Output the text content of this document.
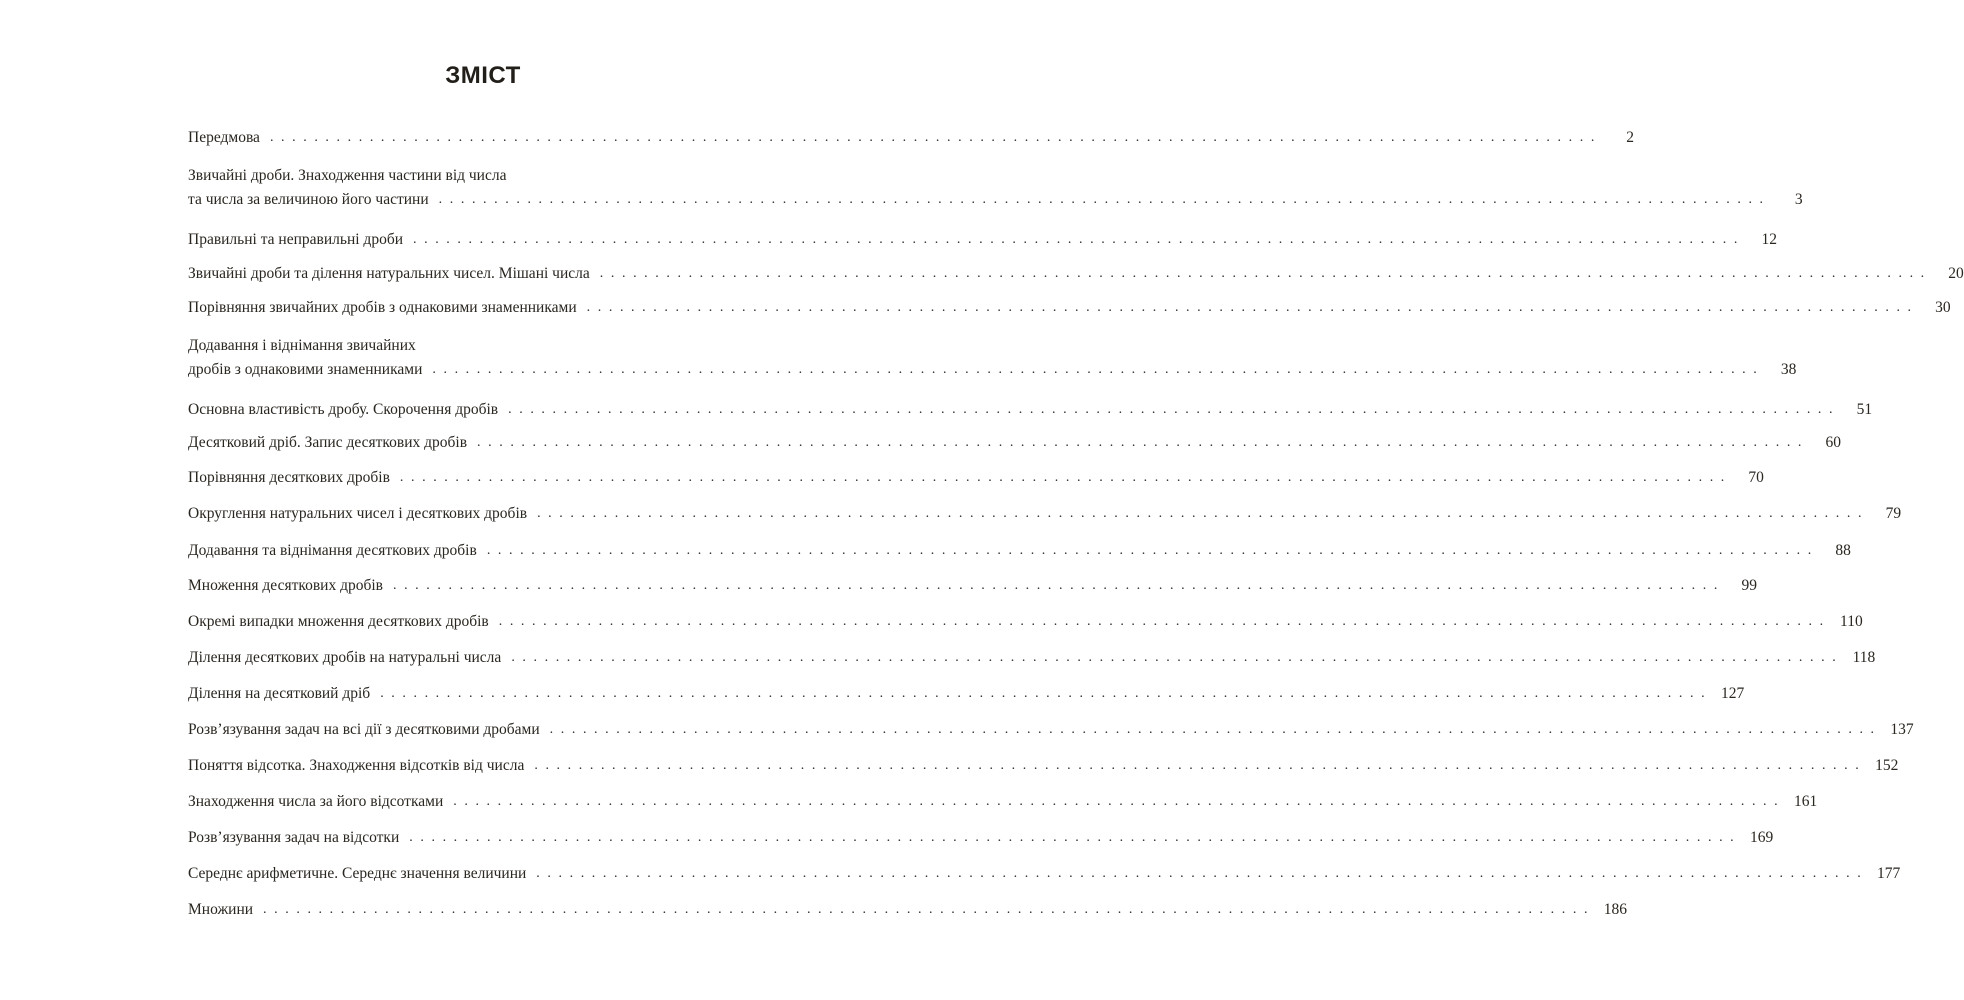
ЗМІСТ
Передмова ........................................................................................................................	2
Звичайні дроби. Знаходження частини від числа
та числа за величиною його частини ........................................................................................................................	3
Правильні та неправильні дроби ........................................................................................................................	12
Звичайні дроби та ділення натуральних чисел. Мішані числа ........................................................................................................................	20
Порівняння звичайних дробів з однаковими знаменниками ........................................................................................................................	30
Додавання і віднімання звичайних
дробів з однаковими знаменниками ........................................................................................................................	38
Основна властивість дробу. Скорочення дробів ........................................................................................................................	51
Десятковий дріб. Запис десяткових дробів ........................................................................................................................	60
Порівняння десяткових дробів ........................................................................................................................	70
Округлення натуральних чисел і десяткових дробів ........................................................................................................................	79
Додавання та віднімання десяткових дробів ........................................................................................................................	88
Множення десяткових дробів ........................................................................................................................	99
Окремі випадки множення десяткових дробів ........................................................................................................................ 110
Ділення десяткових дробів на натуральні числа ........................................................................................................................ 118
Ділення на десятковий дріб ........................................................................................................................ 127
Розв’язування задач на всі дії з десятковими дробами ........................................................................................................................ 137
Поняття відсотка. Знаходження відсотків від числа ........................................................................................................................ 152
Знаходження числа за його відсотками ........................................................................................................................ 161
Розв’язування задач на відсотки ........................................................................................................................ 169
Середнє арифметичне. Середнє значення величини ........................................................................................................................ 177
Множини ........................................................................................................................ 186
